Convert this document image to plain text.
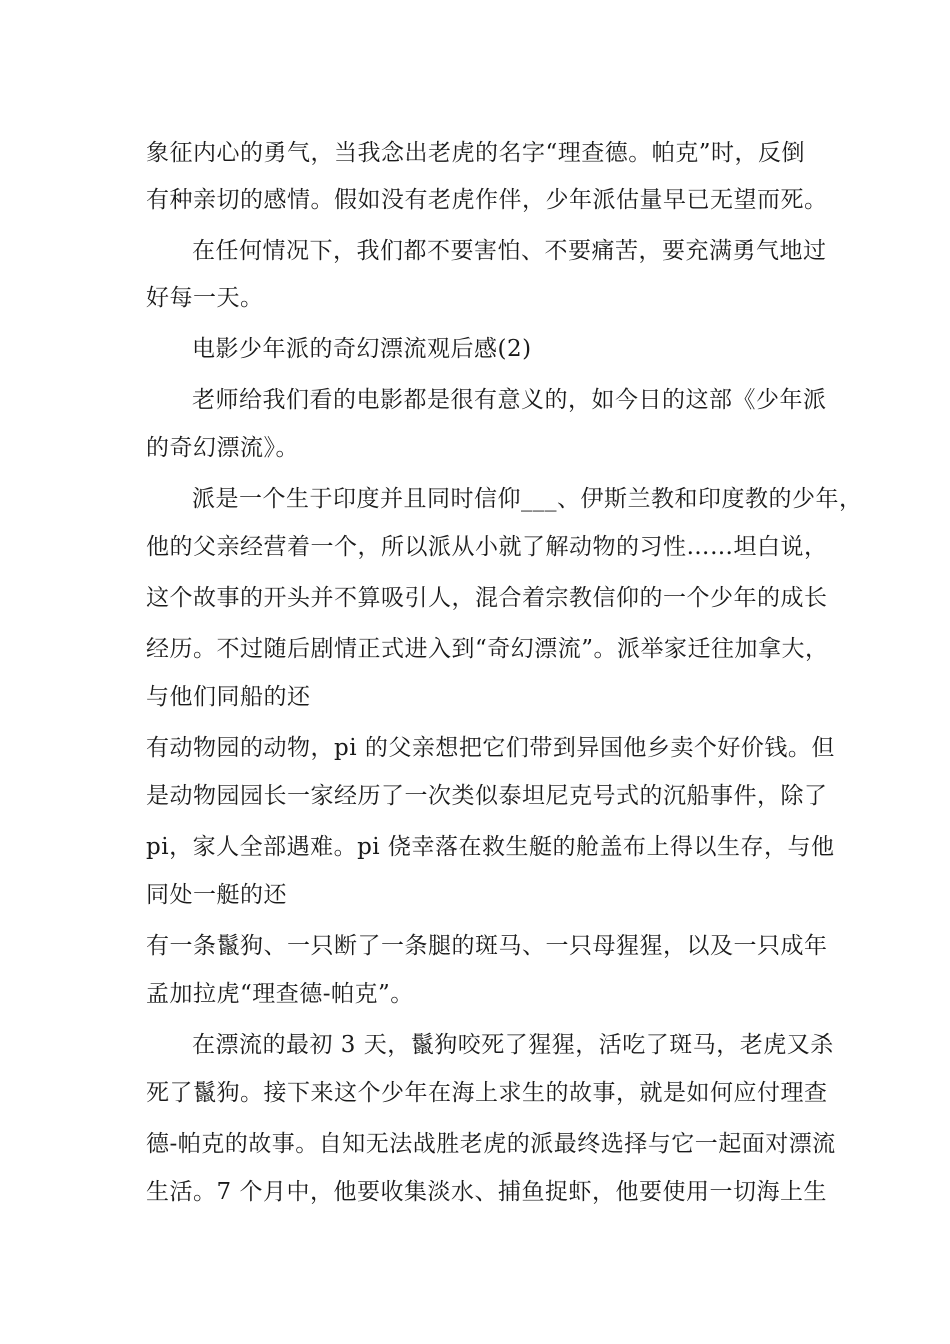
象征内心的勇气，当我念出老虎的名字“理查德。帕克”时，反倒
有种亲切的感情。假如没有老虎作伴，少年派估量早已无望而死。
在任何情况下，我们都不要害怕、不要痛苦，要充满勇气地过
好每一天。
电影少年派的奇幻漂流观后感(2)
老师给我们看的电影都是很有意义的，如今日的这部《少年派
的奇幻漂流》。
派是一个生于印度并且同时信仰___、伊斯兰教和印度教的少年，
他的父亲经营着一个，所以派从小就了解动物的习性……坦白说，
这个故事的开头并不算吸引人，混合着宗教信仰的一个少年的成长
经历。不过随后剧情正式进入到“奇幻漂流”。派举家迁往加拿大，
与他们同船的还
有动物园的动物，pi 的父亲想把它们带到异国他乡卖个好价钱。但
是动物园园长一家经历了一次类似泰坦尼克号式的沉船事件，除了
pi，家人全部遇难。pi 侥幸落在救生艇的舱盖布上得以生存，与他
同处一艇的还
有一条鬣狗、一只断了一条腿的斑马、一只母猩猩，以及一只成年
孟加拉虎“理查德-帕克”。
在漂流的最初 3 天，鬣狗咬死了猩猩，活吃了斑马，老虎又杀
死了鬣狗。接下来这个少年在海上求生的故事，就是如何应付理查
德-帕克的故事。自知无法战胜老虎的派最终选择与它一起面对漂流
生活。7 个月中，他要收集淡水、捕鱼捉虾，他要使用一切海上生
